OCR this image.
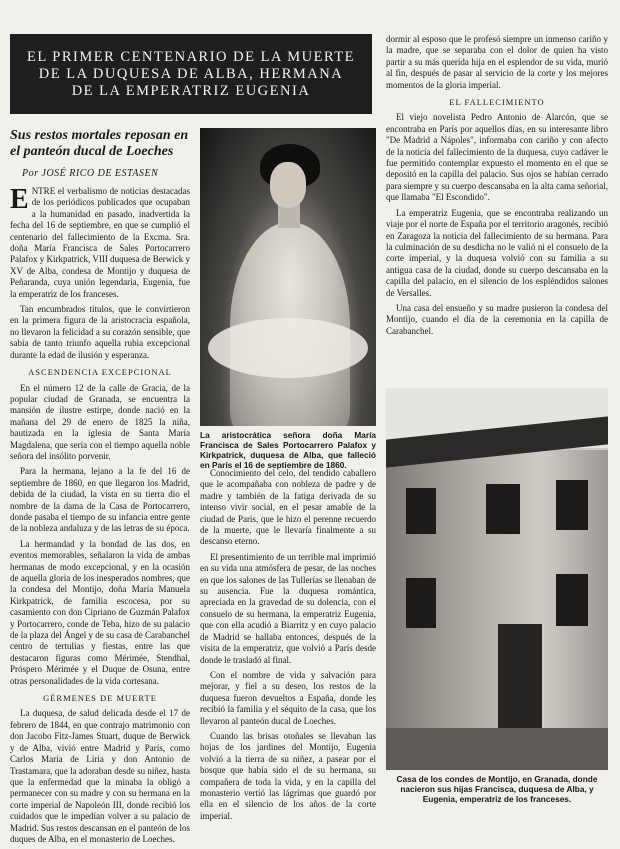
EL PRIMER CENTENARIO DE LA MUERTE
DE LA DUQUESA DE ALBA, HERMANA
DE LA EMPERATRIZ EUGENIA
Sus restos mortales reposan en el panteón ducal de Loeches
Por JOSÉ RICO DE ESTASEN

ENTRE el verbalismo de noticias destacadas de los periódicos publicados que ocupaban a la humanidad en pasado, inadvertida la fecha del 16 de septiembre, en que se cumplió el centenario del fallecimiento de la Excma. Sra. doña María Francisca de Sales Portocarrero Palafox y Kirkpatrick, VIII duquesa de Berwick y XV de Alba, condesa de Montijo y duquesa de Peñaranda, cuya unión legendaria, Eugenia, fue la emperatriz de los franceses.

Tan encumbrados títulos, que le convirtieron en la primera figura de la aristocracia española, no llevaron la felicidad a su corazón sensible, que sabía de tanto triunfo aquella rubia excepcional durante la edad de ilusión y esperanza.

ASCENDENCIA EXCEPCIONAL

En el número 12 de la calle de Gracia, de la popular ciudad de Granada, se encuentra la mansión de ilustre estirpe, donde nació en la mañana del 29 de enero de 1825 la niña, bautizada en la iglesia de Santa María Magdalena, que sería con el tiempo aquella noble señora del insólito porvenir.

Para la hermana, lejano a la fe del 16 de septiembre de 1860, en que llegaron los Madrid, debida de la ciudad, la vista en su tierra dio el nombre de la dama de la Casa de Portocarrero, donde pasaba el tiempo de su infancia entre gente de la nobleza andaluza y de las letras de su época.

La hermandad y la bondad de las dos, en eventos memorables, señalaron la vida de ambas hermanas de modo excepcional, y en la ocasión de aquella gloria de los inesperados nombres, que la condesa del Montijo, doña María Manuela Kirkpatrick, de familia escocesa, por su casamiento con don Cipriano de Guzmán Palafox y Portocarrero, conde de Teba, hizo de su palacio de la plaza del Ángel y de su casa de Carabanchel centro de tertulias y fiestas, entre las que destacaron figuras como Mérimée, Stendhal, Próspero Mérimée y el Duque de Osuna, entre otras personalidades de la vida cortesana.

GÉRMENES DE MUERTE

La duquesa, de salud delicada desde el 17 de febrero de 1844, en que contrajo matrimonio con don Jacobo Fitz-James Stuart, duque de Berwick y de Alba, vivió entre Madrid y París, como Carlos María de Liria y don Antonio de Trastamara, que la adoraban desde su niñez, hasta que la enfermedad que la minaba la obligó a permanecer con su madre y con su hermana en la corte imperial de Napoleón III, donde recibió los cuidados que le impedían volver a su palacio de Madrid. Sus restos descansan en el panteón de los duques de Alba, en el monasterio de Loeches.

La aristocrática señora doña María Francisca de Sales Portocarrero Palafox y Kirkpatrick, duquesa de Alba, que falleció en París el 16 de septiembre de 1860.

Conocimiento del celo, del tendido caballero que le acompañaba con nobleza de padre y de madre y también de la fatiga derivada de su intenso vivir social, en el pesar amable de la ciudad de París, que le hizo el perenne recuerdo de la muerte, que le llevaría finalmente a su descanso eterno.

El presentimiento de un terrible mal imprimió en su vida una atmósfera de pesar, de las noches en que los salones de las Tullerías se llenaban de su ausencia. Fue la duquesa romántica, apreciada en la gravedad de su dolencia, con el consuelo de su hermana, la emperatriz Eugenia, que con ella acudió a Biarritz y en cuyo palacio de Madrid se hallaba entonces, después de la visita de la emperatriz, que volvió a París desde donde le trasladó al final.

Con el nombre de vida y salvación para mejorar, y fiel a su deseo, los restos de la duquesa fueron devueltos a España, donde les recibió la familia y el séquito de la casa, que los llevaron al panteón ducal de Loeches.

Cuando las brisas otoñales se llevaban las hojas de los jardines del Montijo, Eugenia volvió a la tierra de su niñez, a pasear por el bosque que había sido el de su hermana, su compañera de toda la vida, y en la capilla del monasterio vertió las lágrimas que guardó por ella en el silencio de los años de la corte imperial.

dormir al esposo que le profesó siempre un inmenso cariño y la madre, que se separaba con el dolor de quien ha visto partir a su más querida hija en el esplendor de su vida, murió al fin, después de pasar al servicio de la corte y los mejores momentos de la gloria imperial.

EL FALLECIMIENTO

El viejo novelista Pedro Antonio de Alarcón, que se encontraba en París por aquellos días, en su interesante libro "De Madrid a Nápoles", informaba con cariño y con afecto de la noticia del fallecimiento de la duquesa, cuyo cadáver le fue permitido contemplar expuesto el momento en el que se depositó en la capilla del palacio. Sus ojos se habían cerrado para siempre y su cuerpo descansaba en la alta cama señorial, que llamaba "El Escondido".

La emperatriz Eugenia, que se encontraba realizando un viaje por el norte de España por el territorio aragonés, recibió en Zaragoza la noticia del fallecimiento de su hermana. Para la culminación de su desdicha no le valió ni el consuelo de la corte imperial, y la duquesa volvió con su familia a su antigua casa de la ciudad, donde su cuerpo descansaba en la capilla del palacio, en el silencio de los espléndidos salones de Versalles.

Una casa del ensueño y su madre pusieron la condesa del Montijo, cuando el día de la ceremonia en la capilla de Carabanchel.

Casa de los condes de Montijo, en Granada, donde nacieron sus hijas Francisca, duquesa de Alba, y Eugenia, emperatriz de los franceses.
